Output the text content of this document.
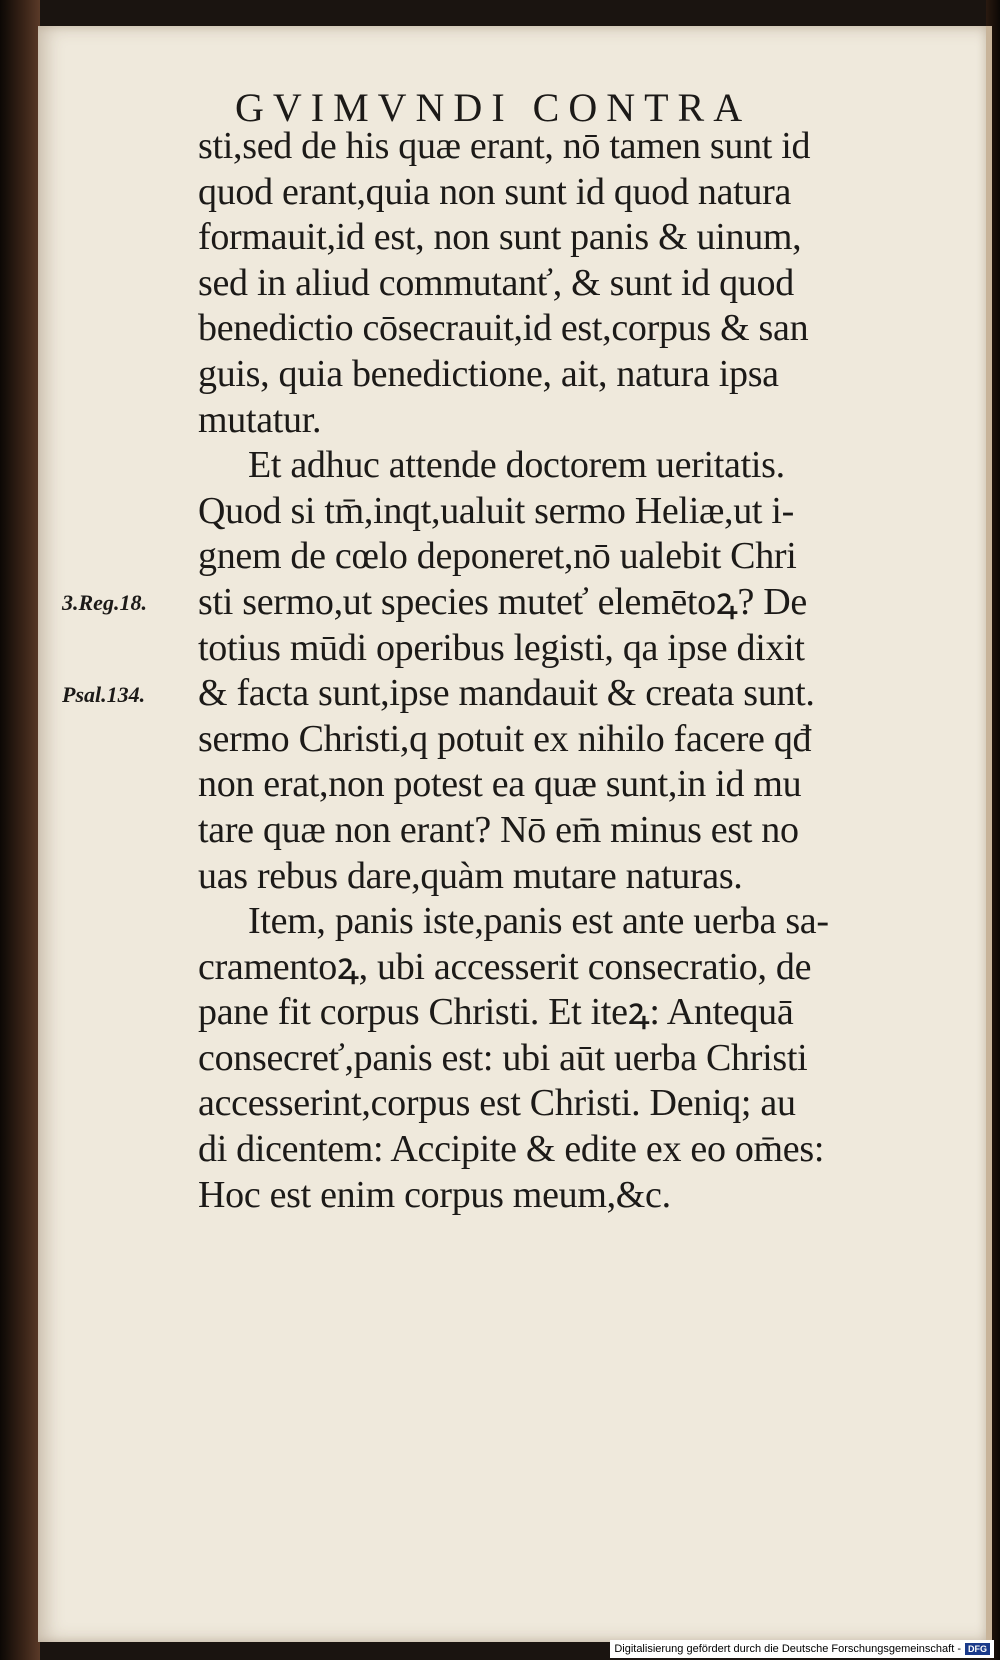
GVIMVNDI CONTRA
3.Reg.18.
Psal.134.
sti,sed de his quæ erant, nō tamen sunt id
quod erant,quia non sunt id quod natura
formauit,id est, non sunt panis & uinum,
sed in aliud commutanť, & sunt id quod
benedictio cōsecrauit,id est,corpus & san
guis, quia benedictione, ait, natura ipsa
mutatur.
Et adhuc attende doctorem ueritatis.
Quod si tm̄,inqt,ualuit sermo Heliæ,ut i-
gnem de cœlo deponeret,nō ualebit Chri
sti sermo,ut species muteť elemētoꝝ? De
totius mūdi operibus legisti, qa ipse dixit
& facta sunt,ipse mandauit & creata sunt.
sermo Christi,q potuit ex nihilo facere qđ
non erat,non potest ea quæ sunt,in id mu
tare quæ non erant? Nō em̄ minus est no
uas rebus dare,quàm mutare naturas.
Item, panis iste,panis est ante uerba sa-
cramentoꝝ, ubi accesserit consecratio, de
pane fit corpus Christi. Et iteꝝ: Antequā
consecreť,panis est: ubi aūt uerba Christi
accesserint,corpus est Christi. Deniq; au
di dicentem: Accipite & edite ex eo om̄es:
Hoc est enim corpus meum,&c.
Digitalisierung gefördert durch die Deutsche Forschungsgemeinschaft - DFG
